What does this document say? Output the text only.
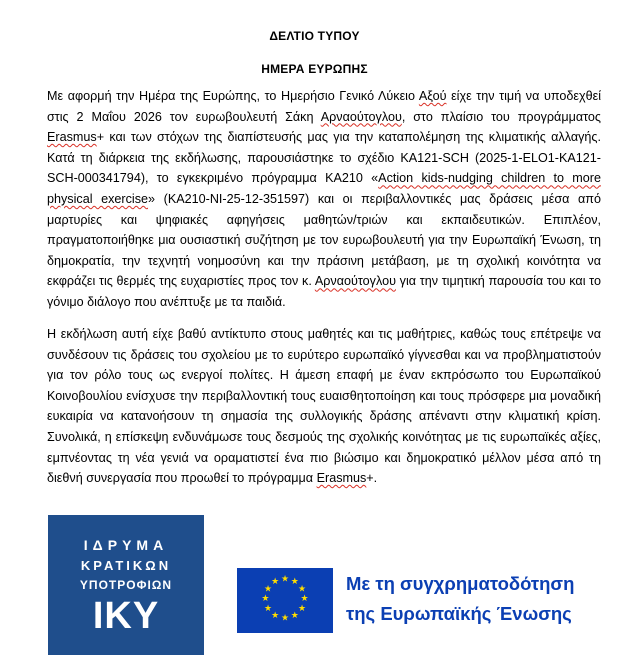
ΔΕΛΤΙΟ ΤΥΠΟΥ
ΗΜΕΡΑ ΕΥΡΩΠΗΣ

Με αφορμή την Ημέρα της Ευρώπης, το Ημερήσιο Γενικό Λύκειο Αξού είχε την τιμή να υποδεχθεί στις 2 Μαΐου 2026 τον ευρωβουλευτή Σάκη Αρναούτογλου, στο πλαίσιο του προγράμματος Erasmus+ και των στόχων της διαπίστευσής μας για την καταπολέμηση της κλιματικής αλλαγής. Κατά τη διάρκεια της εκδήλωσης, παρουσιάστηκε το σχέδιο KA121-SCH (2025-1-ELO1-KA121-SCH-000341794), το εγκεκριμένο πρόγραμμα KA210 «Action kids-nudging children to more physical exercise» (KA210-NI-25-12-351597) και οι περιβαλλοντικές μας δράσεις μέσα από μαρτυρίες και ψηφιακές αφηγήσεις μαθητών/τριών και εκπαιδευτικών. Επιπλέον, πραγματοποιήθηκε μια ουσιαστική συζήτηση με τον ευρωβουλευτή για την Ευρωπαϊκή Ένωση, τη δημοκρατία, την τεχνητή νοημοσύνη και την πράσινη μετάβαση, με τη σχολική κοινότητα να εκφράζει τις θερμές της ευχαριστίες προς τον κ. Αρναούτογλου για την τιμητική παρουσία του και το γόνιμο διάλογο που ανέπτυξε με τα παιδιά.

Η εκδήλωση αυτή είχε βαθύ αντίκτυπο στους μαθητές και τις μαθήτριες, καθώς τους επέτρεψε να συνδέσουν τις δράσεις του σχολείου με το ευρύτερο ευρωπαϊκό γίγνεσθαι και να προβληματιστούν για τον ρόλο τους ως ενεργοί πολίτες. Η άμεση επαφή με έναν εκπρόσωπο του Ευρωπαϊκού Κοινοβουλίου ενίσχυσε την περιβαλλοντική τους ευαισθητοποίηση και τους πρόσφερε μια μοναδική ευκαιρία να κατανοήσουν τη σημασία της συλλογικής δράσης απέναντι στην κλιματική κρίση. Συνολικά, η επίσκεψη ενδυνάμωσε τους δεσμούς της σχολικής κοινότητας με τις ευρωπαϊκές αξίες, εμπνέοντας τη νέα γενιά να οραματιστεί ένα πιο βιώσιμο και δημοκρατικό μέλλον μέσα από τη διεθνή συνεργασία που προωθεί το πρόγραμμα Erasmus+.

ΙΔΡΥΜΑ
ΚΡΑΤΙΚΩΝ
ΥΠΟΤΡΟΦΙΩΝ
ΙΚΥ
★ ★
★
★
★
★
★
★
★
★
★
★	Με τη συγχρηματοδότηση
της Ευρωπαϊκής Ένωσης
